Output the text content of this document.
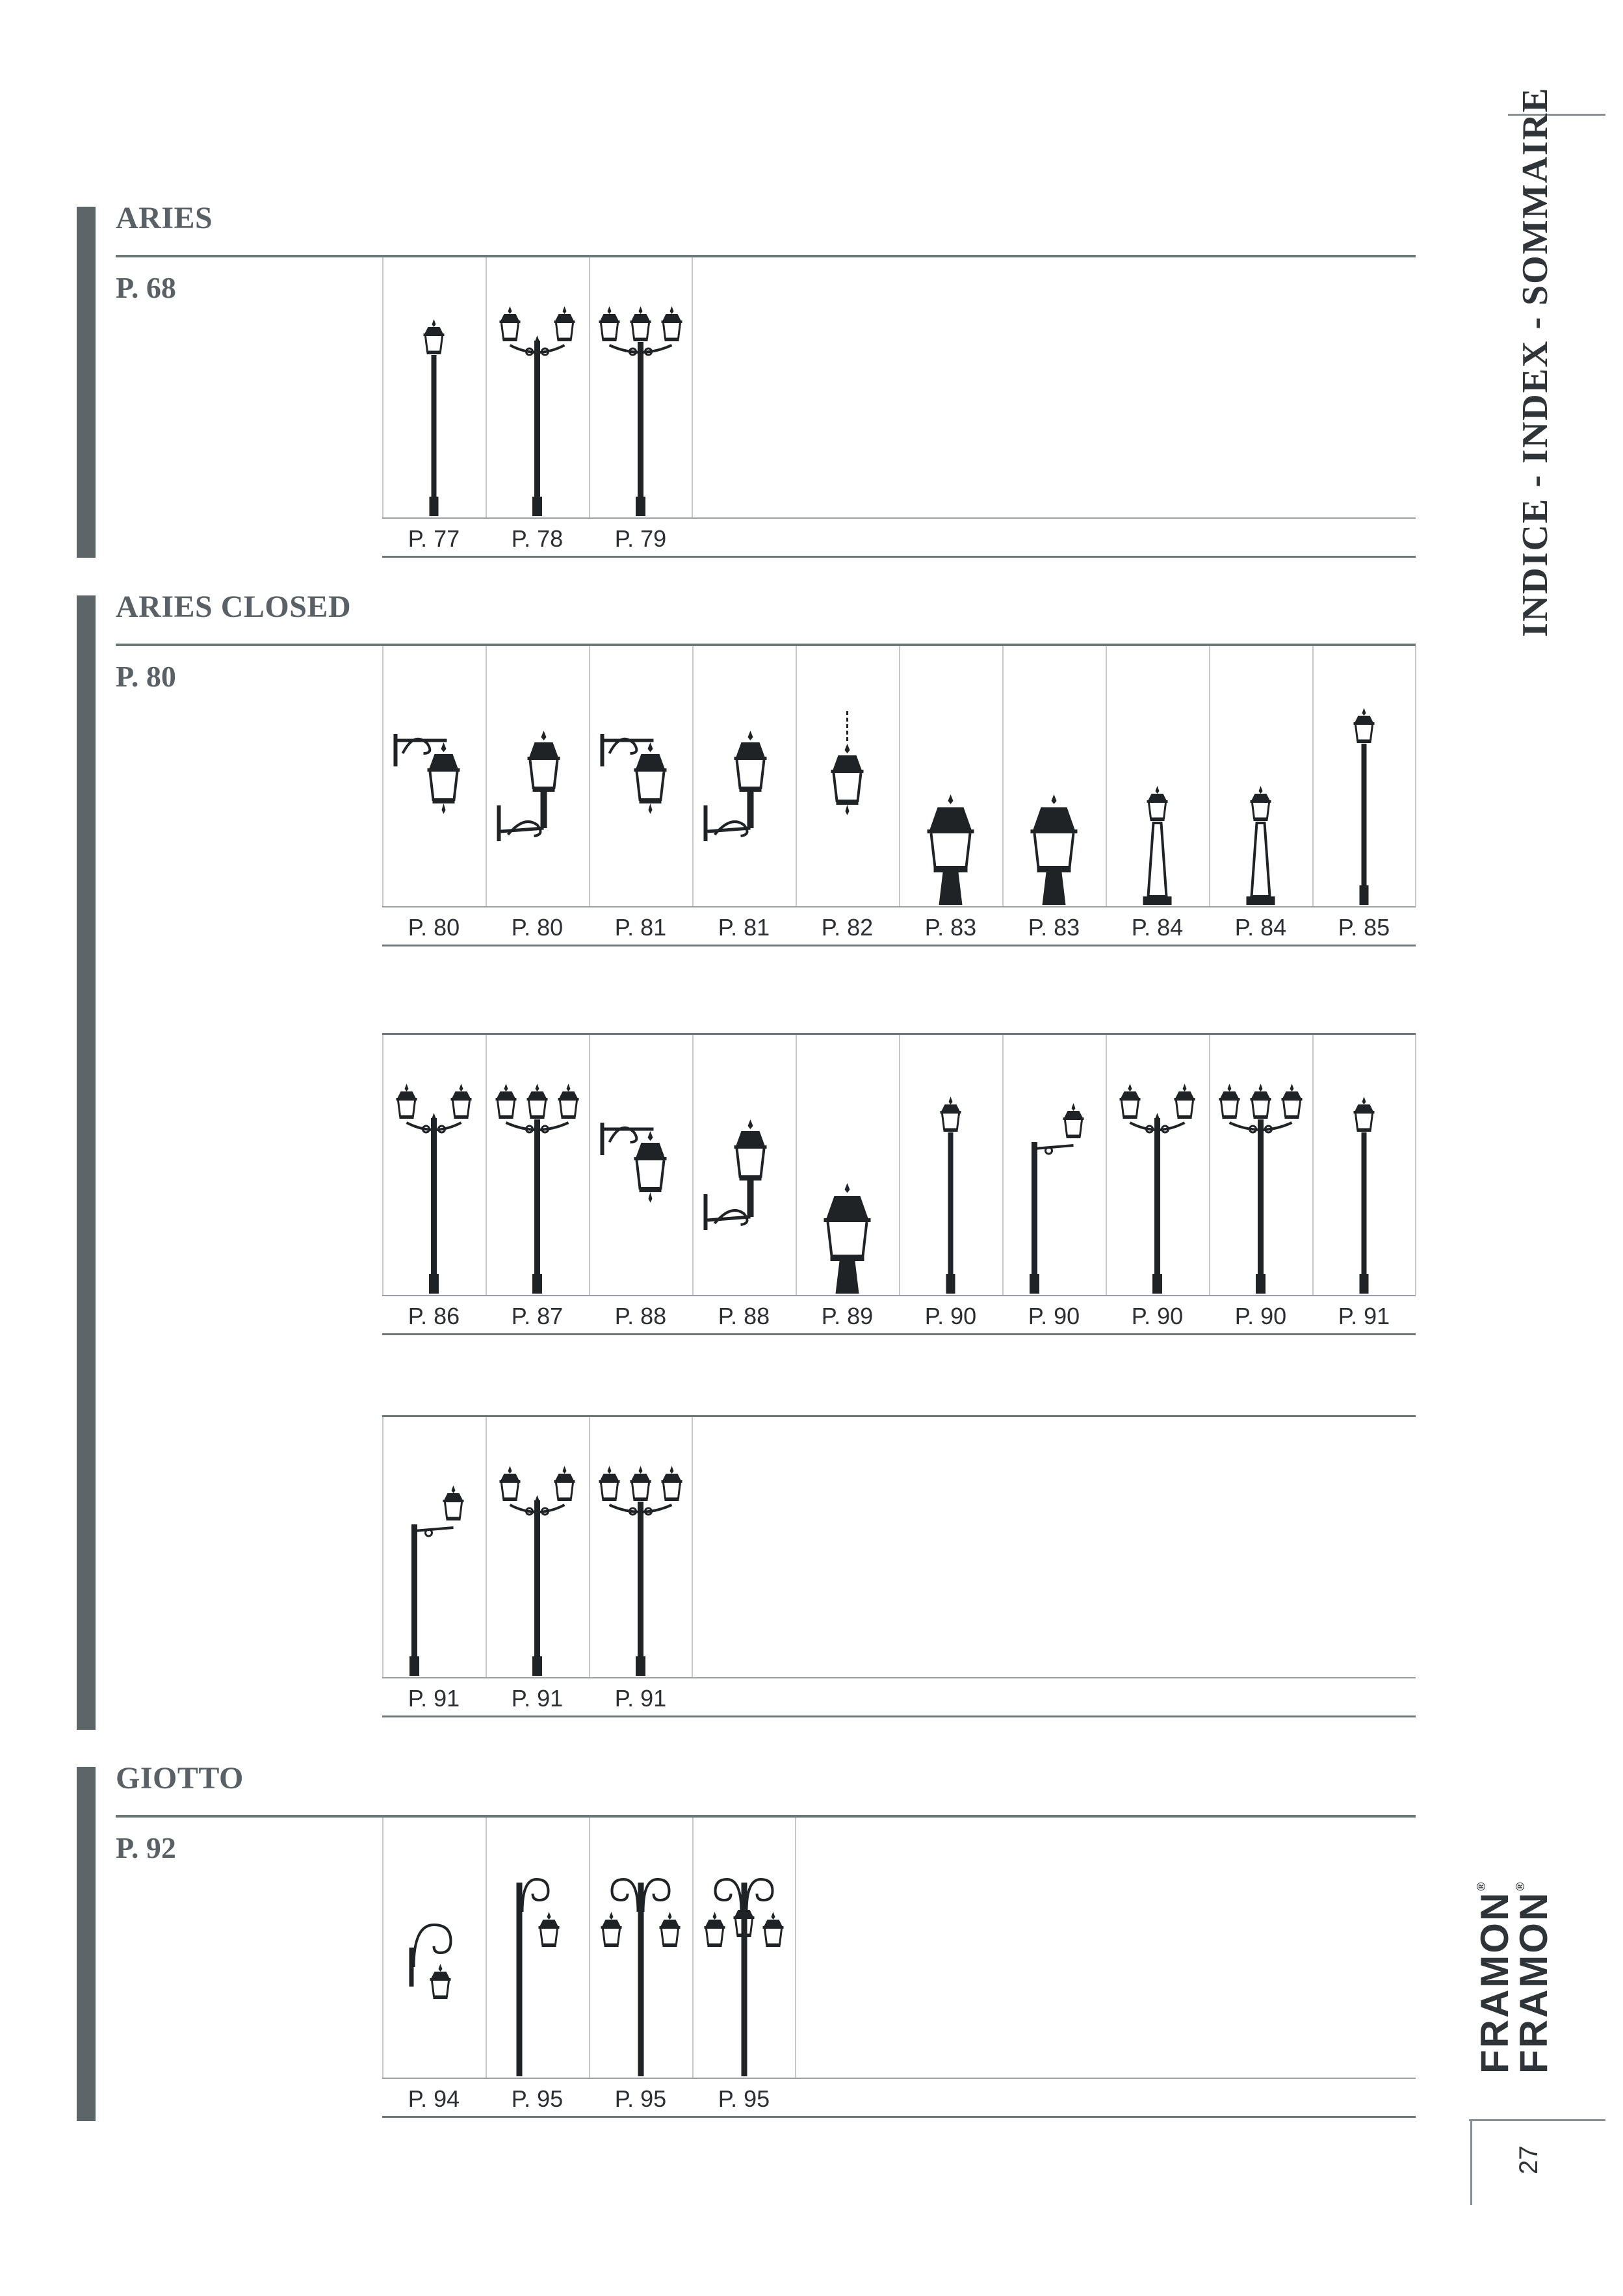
INDICE - INDEX - SOMMAIRE
FRAMON®
FRAMON®
27
ARIES
P. 68
P. 77	P. 78	P. 79
ARIES CLOSED
P. 80
P. 80	P. 80	P. 81	P. 81	P. 82	P. 83	P. 83	P. 84	P. 84	P. 85
P. 86	P. 87	P. 88	P. 88	P. 89	P. 90	P. 90	P. 90	P. 90	P. 91
P. 91	P. 91	P. 91
GIOTTO
P. 92
P. 94	P. 95	P. 95	P. 95
